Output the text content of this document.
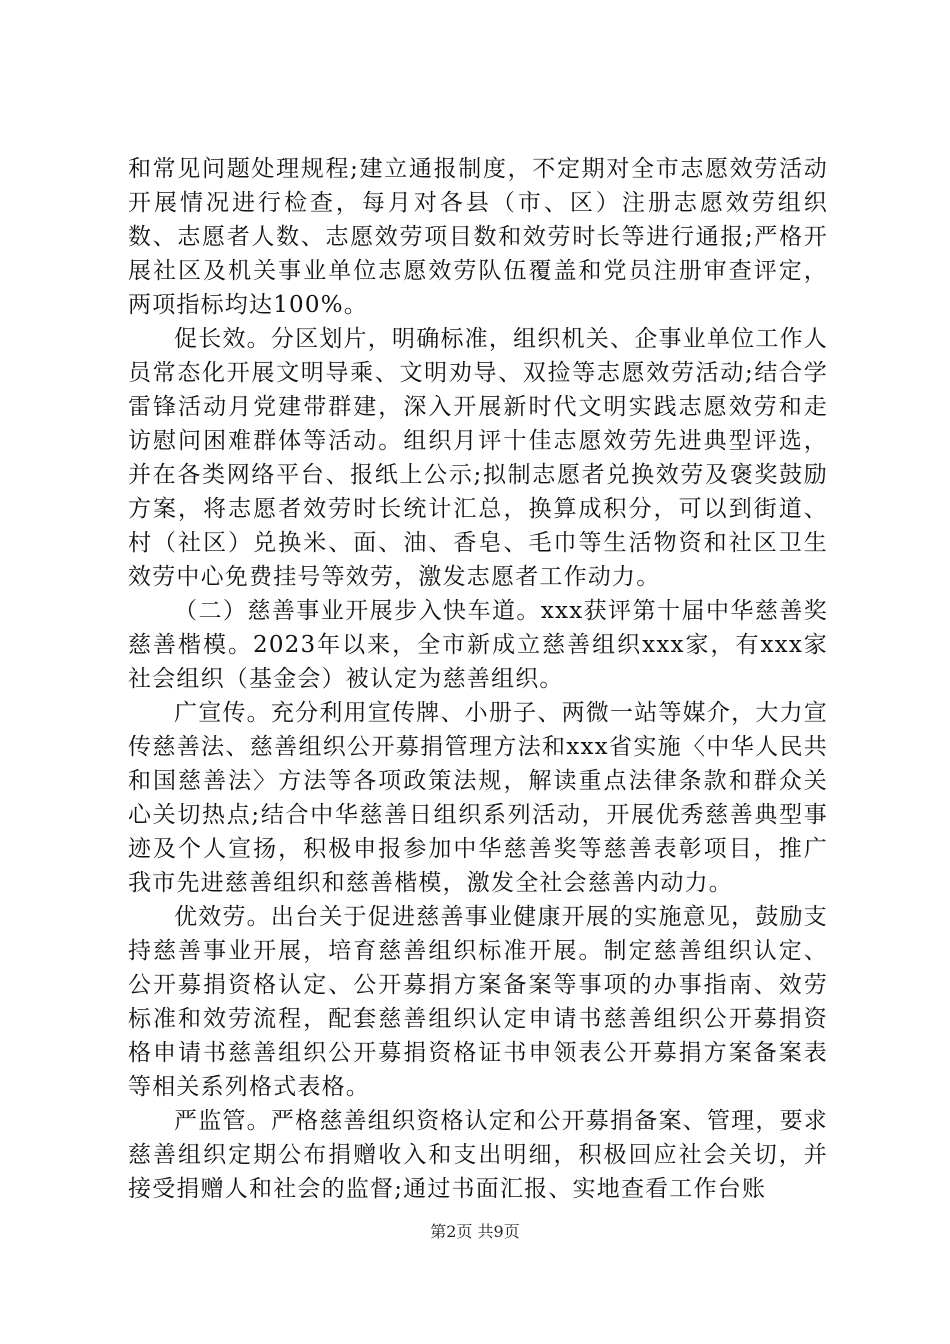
和常见问题处理规程;建立通报制度，不定期对全市志愿效劳活动开展情况进行检查，每月对各县（市、区）注册志愿效劳组织数、志愿者人数、志愿效劳项目数和效劳时长等进行通报;严格开展社区及机关事业单位志愿效劳队伍覆盖和党员注册审查评定，两项指标均达100%。

促长效。分区划片，明确标准，组织机关、企事业单位工作人员常态化开展文明导乘、文明劝导、双捡等志愿效劳活动;结合学雷锋活动月党建带群建，深入开展新时代文明实践志愿效劳和走访慰问困难群体等活动。组织月评十佳志愿效劳先进典型评选，并在各类网络平台、报纸上公示;拟制志愿者兑换效劳及褒奖鼓励方案，将志愿者效劳时长统计汇总，换算成积分，可以到街道、村（社区）兑换米、面、油、香皂、毛巾等生活物资和社区卫生效劳中心免费挂号等效劳，激发志愿者工作动力。

（二）慈善事业开展步入快车道。xxx获评第十届中华慈善奖慈善楷模。2023年以来，全市新成立慈善组织xxx家，有xxx家社会组织（基金会）被认定为慈善组织。

广宣传。充分利用宣传牌、小册子、两微一站等媒介，大力宣传慈善法、慈善组织公开募捐管理方法和xxx省实施〈中华人民共和国慈善法〉方法等各项政策法规，解读重点法律条款和群众关心关切热点;结合中华慈善日组织系列活动，开展优秀慈善典型事迹及个人宣扬，积极申报参加中华慈善奖等慈善表彰项目，推广我市先进慈善组织和慈善楷模，激发全社会慈善内动力。

优效劳。出台关于促进慈善事业健康开展的实施意见，鼓励支持慈善事业开展，培育慈善组织标准开展。制定慈善组织认定、公开募捐资格认定、公开募捐方案备案等事项的办事指南、效劳标准和效劳流程，配套慈善组织认定申请书慈善组织公开募捐资格申请书慈善组织公开募捐资格证书申领表公开募捐方案备案表等相关系列格式表格。

严监管。严格慈善组织资格认定和公开募捐备案、管理，要求慈善组织定期公布捐赠收入和支出明细，积极回应社会关切，并接受捐赠人和社会的监督;通过书面汇报、实地查看工作台账

第2页 共9页
